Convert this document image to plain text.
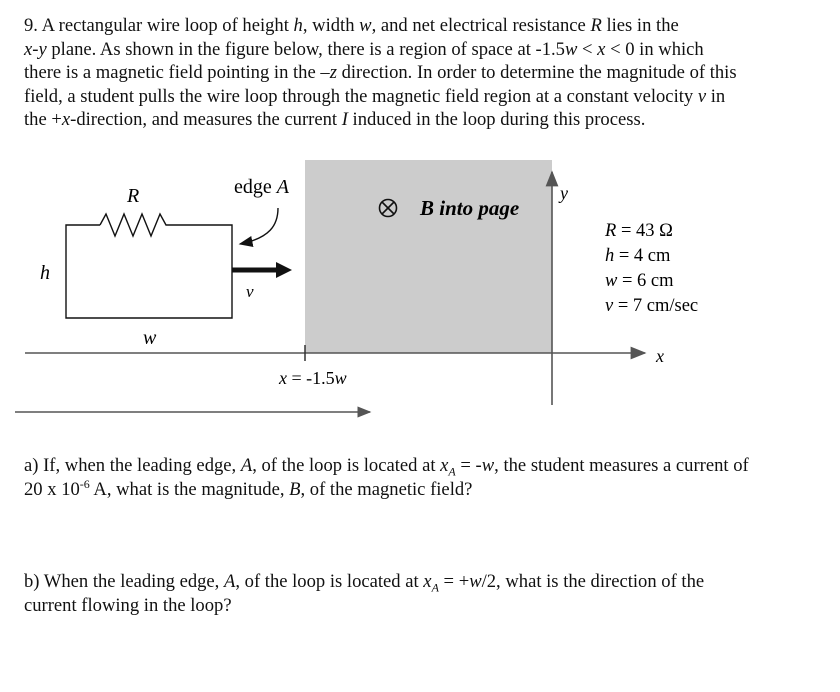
9. A rectangular wire loop of height h, width w, and net electrical resistance R lies in the

x-y plane. As shown in the figure below, there is a region of space at -1.5w < x < 0 in which

there is a magnetic field pointing in the –z direction. In order to determine the magnitude of this

field, a student pulls the wire loop through the magnetic field region at a constant velocity v in

the +x-direction, and measures the current I induced in the loop during this process.

R
h
w
edge A
v
B into page
y
x
x = -1.5w
R = 43 Ω
h = 4 cm
w = 6 cm
v = 7 cm/sec

a) If, when the leading edge, A, of the loop is located at $x_A = -w$, the student measures a current of

20 x $10^{-6}$ A, what is the magnitude, B, of the magnetic field?

b) When the leading edge, A, of the loop is located at $x_A = +w/2$, what is the direction of the

current flowing in the loop?
